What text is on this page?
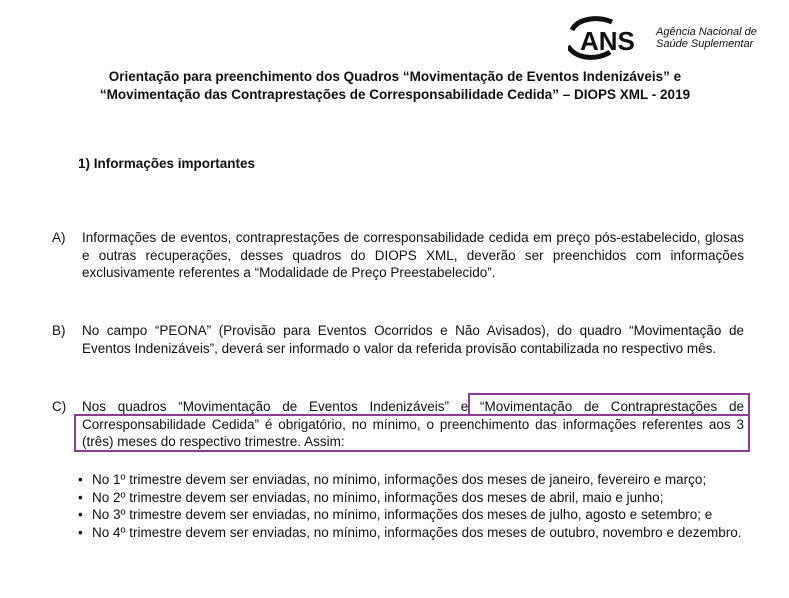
ANS Agência Nacional de
Saúde Suplementar
Orientação para preenchimento dos Quadros “Movimentação de Eventos Indenizáveis” e
“Movimentação das Contraprestações de Corresponsabilidade Cedida” – DIOPS XML - 2019
1) Informações importantes
A)	Informações de eventos, contraprestações de corresponsabilidade cedida em preço pós-estabelecido, glosas e outras recuperações, desses quadros do DIOPS XML, deverão ser preenchidos com informações exclusivamente referentes a “Modalidade de Preço Preestabelecido”.
B)	No campo “PEONA” (Provisão para Eventos Ocorridos e Não Avisados), do quadro “Movimentação de Eventos Indenizáveis”, deverá ser informado o valor da referida provisão contabilizada no respectivo mês.
C)	Nos quadros “Movimentação de Eventos Indenizáveis” e “Movimentação de Contraprestações de Corresponsabilidade Cedida” é obrigatório, no mínimo, o preenchimento das informações referentes aos 3 (três) meses do respectivo trimestre. Assim:
• No 1º trimestre devem ser enviadas, no mínimo, informações dos meses de janeiro, fevereiro e março;
• No 2º trimestre devem ser enviadas, no mínimo, informações dos meses de abril, maio e junho;
• No 3º trimestre devem ser enviadas, no mínimo, informações dos meses de julho, agosto e setembro; e
• No 4º trimestre devem ser enviadas, no mínimo, informações dos meses de outubro, novembro e dezembro.
